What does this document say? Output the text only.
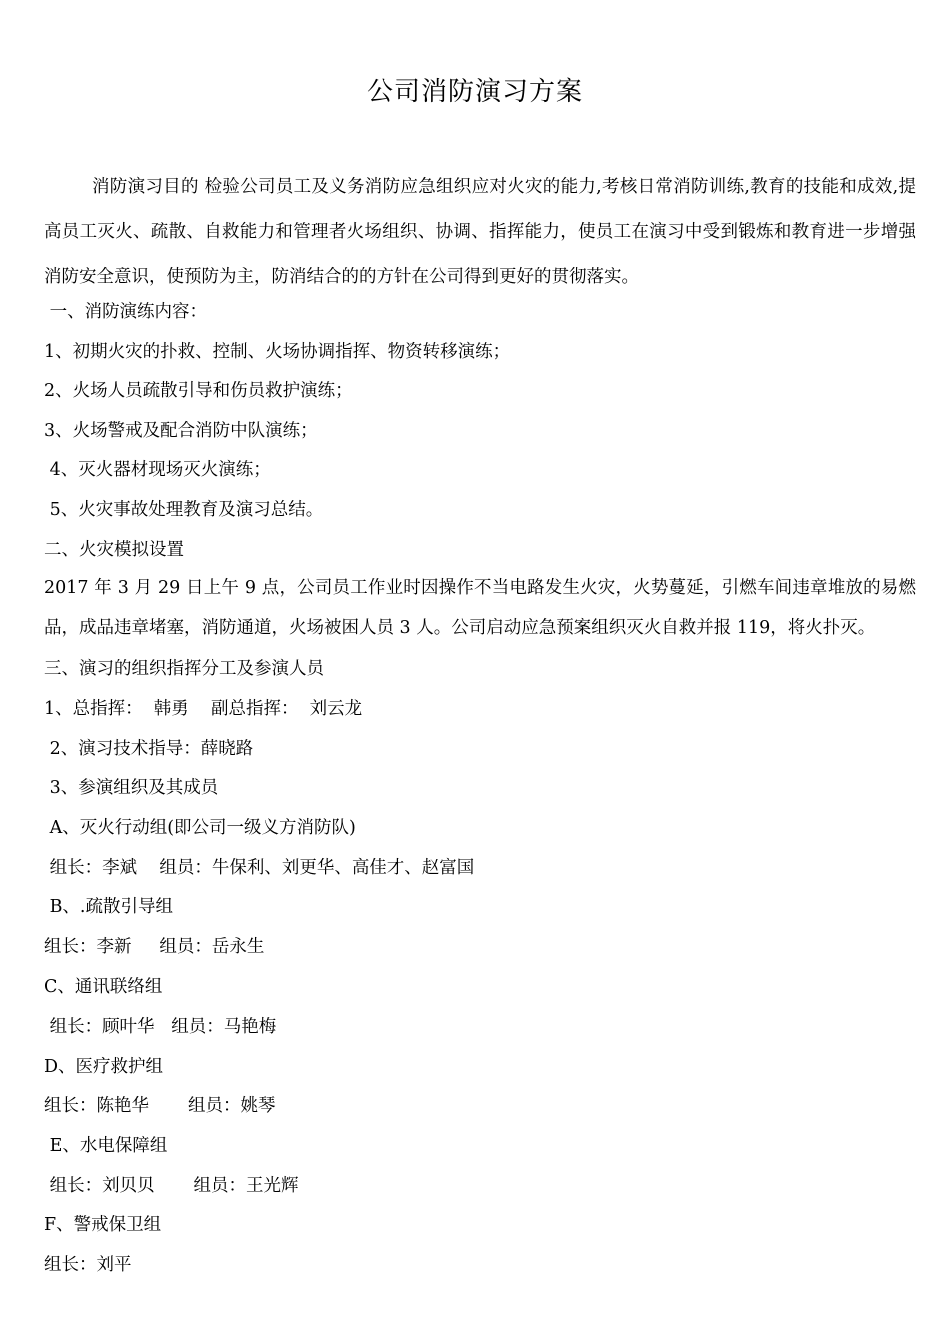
公司消防演习方案

消防演习目的 检验公司员工及义务消防应急组织应对火灾的能力,考核日常消防训练,教育的技能和成效,提高员工灭火、疏散、自救能力和管理者火场组织、协调、指挥能力，使员工在演习中受到锻炼和教育进一步增强消防安全意识，使预防为主，防消结合的的方针在公司得到更好的贯彻落实。

一、消防演练内容：
1、初期火灾的扑救、控制、火场协调指挥、物资转移演练；
2、火场人员疏散引导和伤员救护演练；
3、火场警戒及配合消防中队演练；
4、灭火器材现场灭火演练；
5、火灾事故处理教育及演习总结。
二、火灾模拟设置

2017 年 3 月 29 日上午 9 点，公司员工作业时因操作不当电路发生火灾，火势蔓延，引燃车间违章堆放的易燃品，成品违章堵塞，消防通道，火场被困人员 3 人。公司启动应急预案组织灭火自救并报 119，将火扑灭。

三、演习的组织指挥分工及参演人员
1、总指挥：  韩勇    副总指挥：  刘云龙
2、演习技术指导：薛晓路
3、参演组织及其成员
A、灭火行动组(即公司一级义方消防队)
组长：李斌    组员：牛保利、刘更华、高佳才、赵富国
B、.疏散引导组
组长：李新     组员：岳永生
C、通讯联络组
组长：顾叶华   组员：马艳梅
D、医疗救护组
组长：陈艳华       组员：姚琴
E、水电保障组
组长：刘贝贝       组员：王光辉
F、警戒保卫组
组长：刘平
